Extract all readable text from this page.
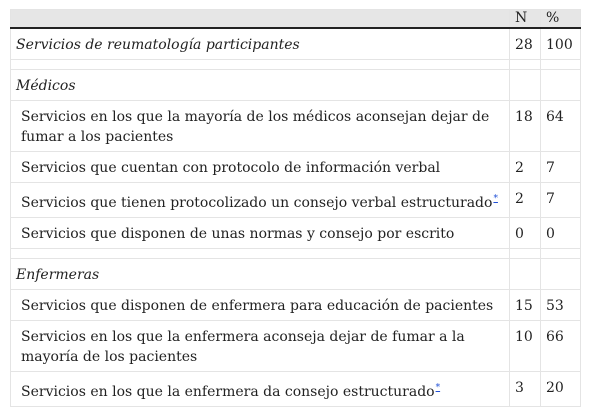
	N	%
Servicios de reumatología participantes	28	100

Médicos		
Servicios en los que la mayoría de los médicos aconsejan dejar de fumar a los pacientes	18	64
Servicios que cuentan con protocolo de información verbal	2	7
Servicios que tienen protocolizado un consejo verbal estructurado*	2	7
Servicios que disponen de unas normas y consejo por escrito	0	0

Enfermeras		
Servicios que disponen de enfermera para educación de pacientes	15	53
Servicios en los que la enfermera aconseja dejar de fumar a la mayoría de los pacientes	10	66
Servicios en los que la enfermera da consejo estructurado*	3	20
